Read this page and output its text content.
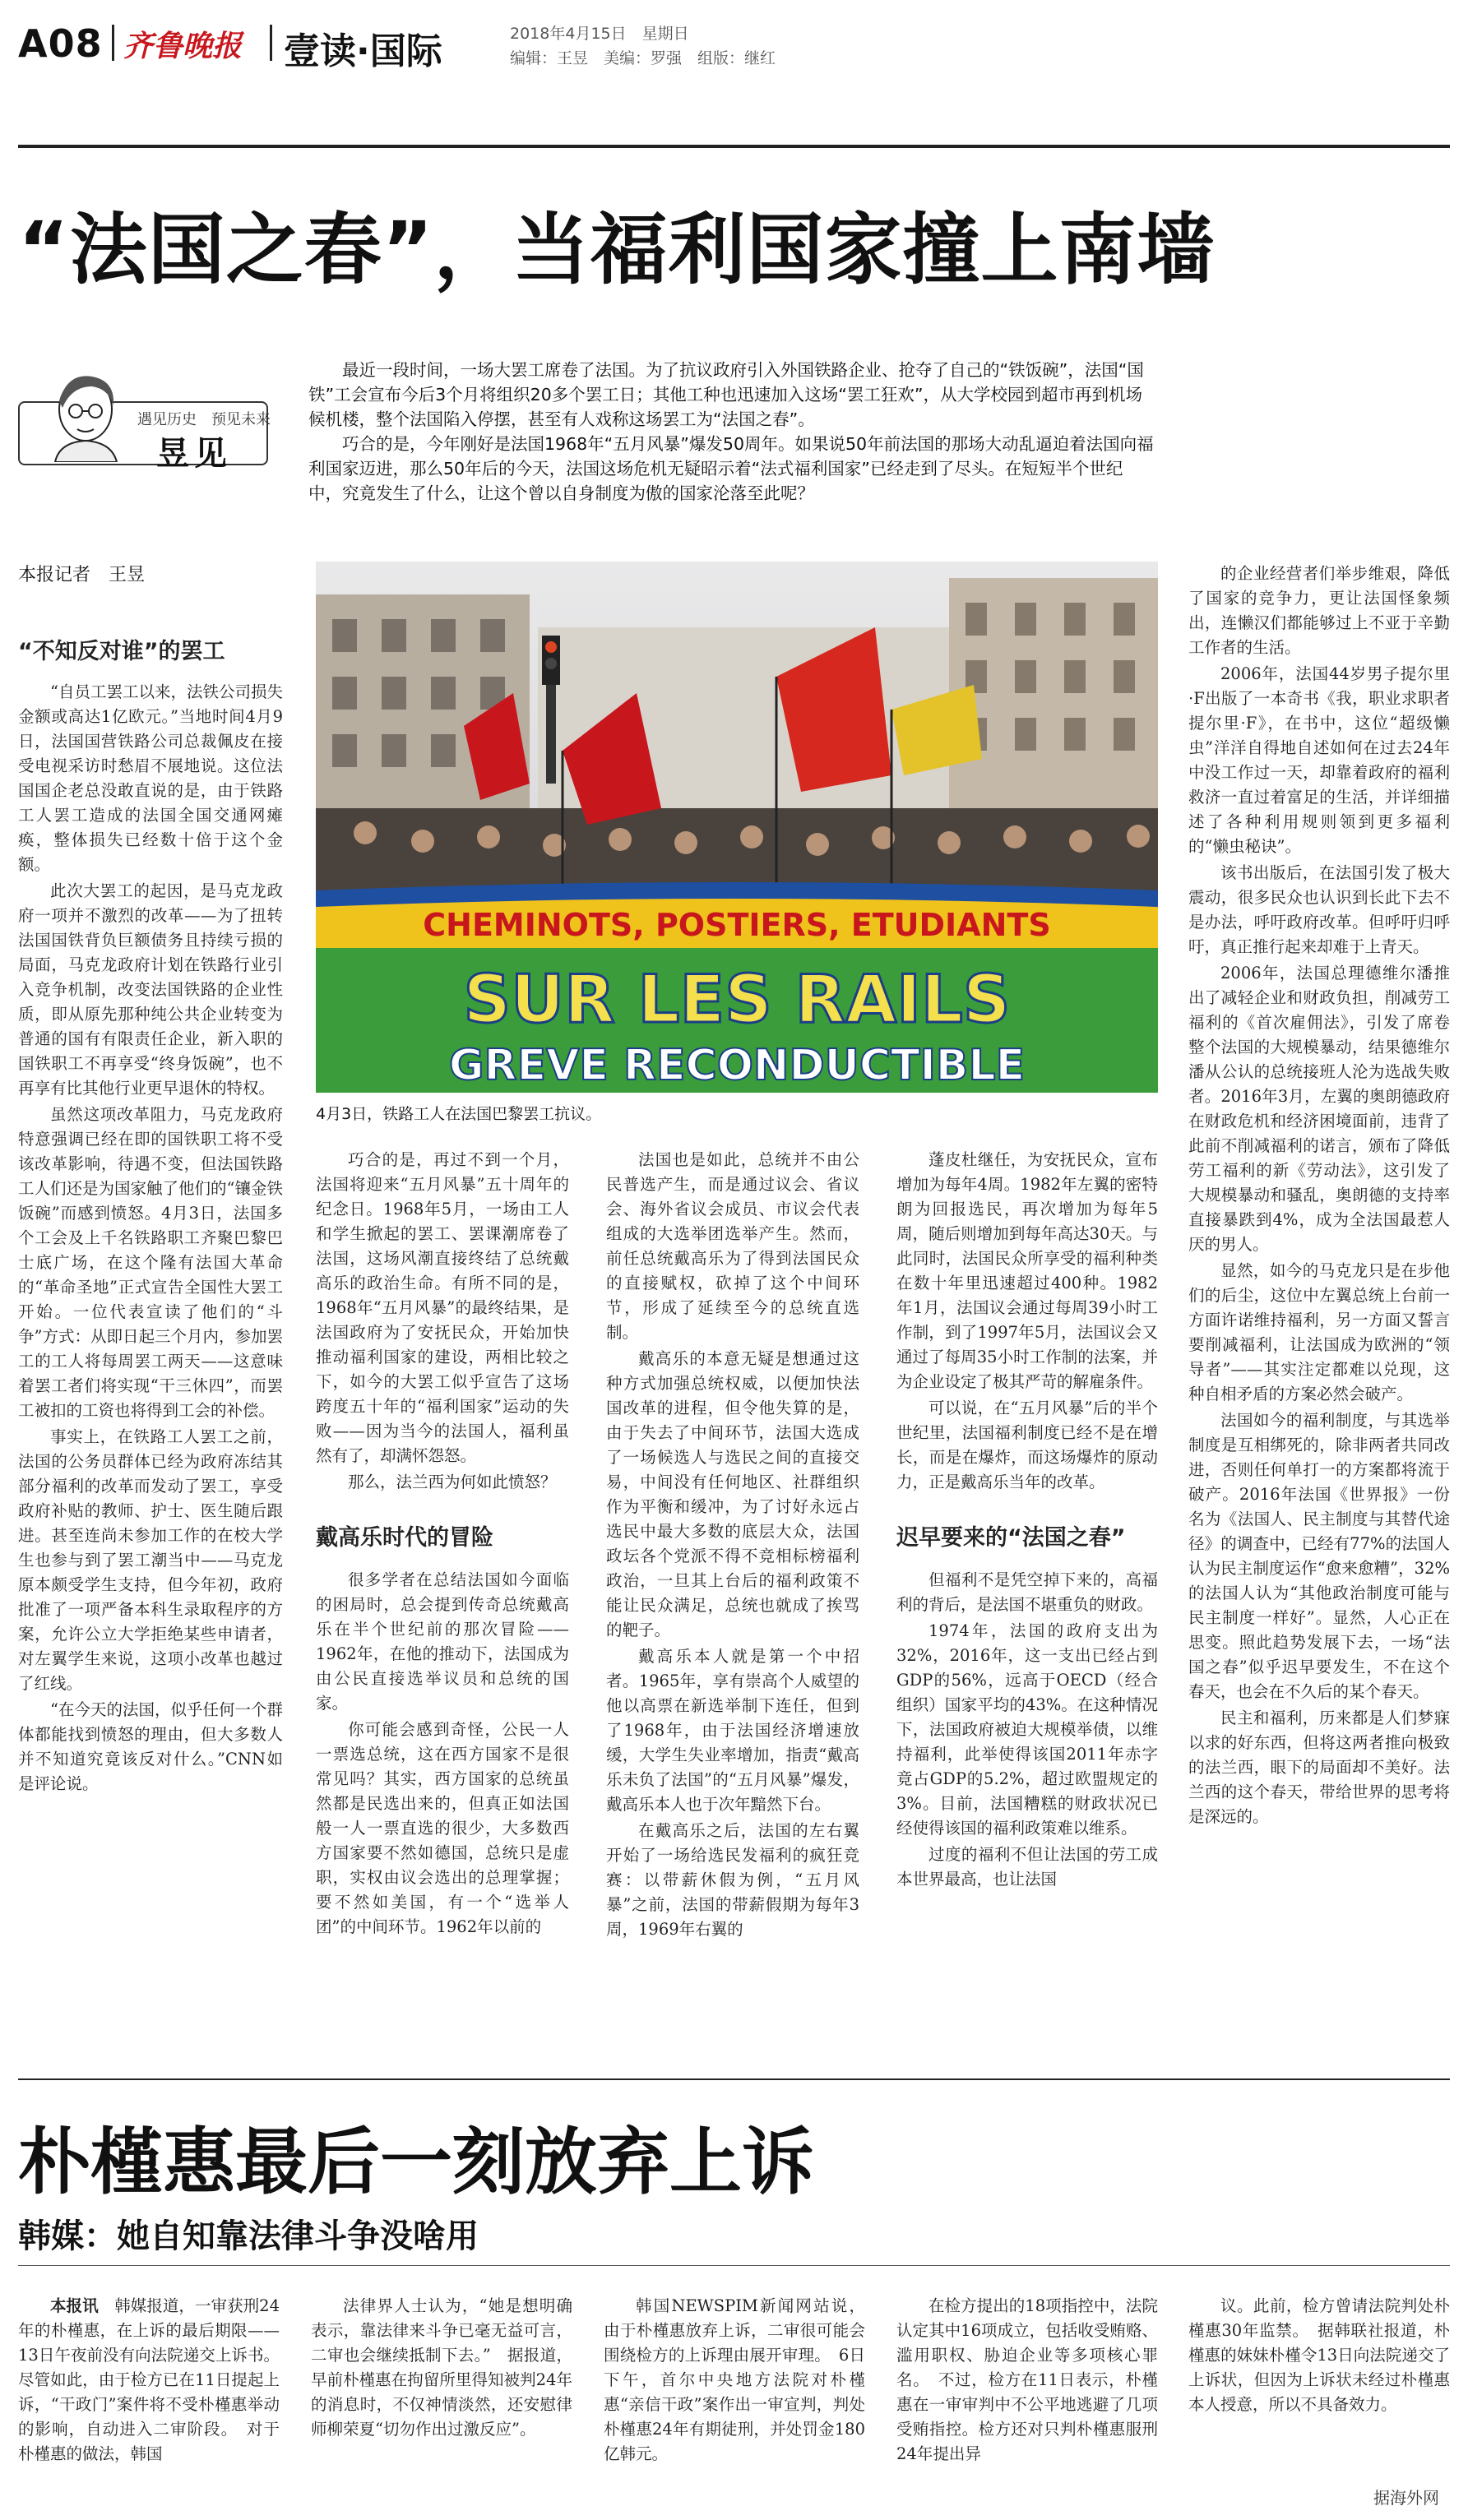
A08 齐鲁晚报 壹读·国际	2018年4月15日　星期日
编辑：王昱　美编：罗强　组版：继红
“法国之春”，当福利国家撞上南墙
遇见历史　预见未来
昱见

最近一段时间，一场大罢工席卷了法国。为了抗议政府引入外国铁路企业、抢夺了自己的“铁饭碗”，法国“国铁”工会宣布今后3个月将组织20多个罢工日；其他工种也迅速加入这场“罢工狂欢”，从大学校园到超市再到机场候机楼，整个法国陷入停摆，甚至有人戏称这场罢工为“法国之春”。

巧合的是，今年刚好是法国1968年“五月风暴”爆发50周年。如果说50年前法国的那场大动乱逼迫着法国向福利国家迈进，那么50年后的今天，法国这场危机无疑昭示着“法式福利国家”已经走到了尽头。在短短半个世纪中，究竟发生了什么，让这个曾以自身制度为傲的国家沦落至此呢？

本报记者　王昱
SUR LES RAILS
GREVE RECONDUCTIBLE
CHEMINOTS, POSTIERS, ETUDIANTS
4月3日，铁路工人在法国巴黎罢工抗议。
“不知反对谁”的罢工

“自员工罢工以来，法铁公司损失金额或高达1亿欧元。”当地时间4月9日，法国国营铁路公司总裁佩皮在接受电视采访时愁眉不展地说。这位法国国企老总没敢直说的是，由于铁路工人罢工造成的法国全国交通网瘫痪，整体损失已经数十倍于这个金额。

此次大罢工的起因，是马克龙政府一项并不激烈的改革——为了扭转法国国铁背负巨额债务且持续亏损的局面，马克龙政府计划在铁路行业引入竞争机制，改变法国铁路的企业性质，即从原先那种纯公共企业转变为普通的国有有限责任企业，新入职的国铁职工不再享受“终身饭碗”，也不再享有比其他行业更早退休的特权。

虽然这项改革阻力，马克龙政府特意强调已经在即的国铁职工将不受该改革影响，待遇不变，但法国铁路工人们还是为国家触了他们的“镶金铁饭碗”而感到愤怒。4月3日，法国多个工会及上千名铁路职工齐聚巴黎巴士底广场，在这个隆有法国大革命的“革命圣地”正式宣告全国性大罢工开始。一位代表宣读了他们的“斗争”方式：从即日起三个月内，参加罢工的工人将每周罢工两天——这意味着罢工者们将实现“干三休四”，而罢工被扣的工资也将得到工会的补偿。

事实上，在铁路工人罢工之前，法国的公务员群体已经为政府冻结其部分福利的改革而发动了罢工，享受政府补贴的教师、护士、医生随后跟进。甚至连尚未参加工作的在校大学生也参与到了罢工潮当中——马克龙原本颇受学生支持，但今年初，政府批准了一项严备本科生录取程序的方案，允许公立大学拒绝某些申请者，对左翼学生来说，这项小改革也越过了红线。

“在今天的法国，似乎任何一个群体都能找到愤怒的理由，但大多数人并不知道究竟该反对什么。”CNN如是评论说。

巧合的是，再过不到一个月，法国将迎来“五月风暴”五十周年的纪念日。1968年5月，一场由工人和学生掀起的罢工、罢课潮席卷了法国，这场风潮直接终结了总统戴高乐的政治生命。有所不同的是，1968年“五月风暴”的最终结果，是法国政府为了安抚民众，开始加快推动福利国家的建设，两相比较之下，如今的大罢工似乎宣告了这场跨度五十年的“福利国家”运动的失败——因为当今的法国人，福利虽然有了，却满怀怨怒。

那么，法兰西为何如此愤怒？

戴高乐时代的冒险

很多学者在总结法国如今面临的困局时，总会提到传奇总统戴高乐在半个世纪前的那次冒险——1962年，在他的推动下，法国成为由公民直接选举议员和总统的国家。

你可能会感到奇怪，公民一人一票选总统，这在西方国家不是很常见吗？其实，西方国家的总统虽然都是民选出来的，但真正如法国般一人一票直选的很少，大多数西方国家要不然如德国，总统只是虚职，实权由议会选出的总理掌握；要不然如美国，有一个“选举人团”的中间环节。1962年以前的

法国也是如此，总统并不由公民普选产生，而是通过议会、省议会、海外省议会成员、市议会代表组成的大选举团选举产生。然而，前任总统戴高乐为了得到法国民众的直接赋权，砍掉了这个中间环节，形成了延续至今的总统直选制。

戴高乐的本意无疑是想通过这种方式加强总统权威，以便加快法国改革的进程，但令他失算的是，由于失去了中间环节，法国大选成了一场候选人与选民之间的直接交易，中间没有任何地区、社群组织作为平衡和缓冲，为了讨好永远占选民中最大多数的底层大众，法国政坛各个党派不得不竞相标榜福利政治，一旦其上台后的福利政策不能让民众满足，总统也就成了挨骂的靶子。

戴高乐本人就是第一个中招者。1965年，享有崇高个人威望的他以高票在新选举制下连任，但到了1968年，由于法国经济增速放缓，大学生失业率增加，指责“戴高乐未负了法国”的“五月风暴”爆发，戴高乐本人也于次年黯然下台。

在戴高乐之后，法国的左右翼开始了一场给选民发福利的疯狂竞赛：以带薪休假为例，“五月风暴”之前，法国的带薪假期为每年3周，1969年右翼的

蓬皮杜继任，为安抚民众，宣布增加为每年4周。1982年左翼的密特朗为回报选民，再次增加为每年5周，随后则增加到每年高达30天。与此同时，法国民众所享受的福利种类在数十年里迅速超过400种。1982年1月，法国议会通过每周39小时工作制，到了1997年5月，法国议会又通过了每周35小时工作制的法案，并为企业设定了极其严苛的解雇条件。

可以说，在“五月风暴”后的半个世纪里，法国福利制度已经不是在增长，而是在爆炸，而这场爆炸的原动力，正是戴高乐当年的改革。

迟早要来的“法国之春”

但福利不是凭空掉下来的，高福利的背后，是法国不堪重负的财政。

1974年，法国的政府支出为32%，2016年，这一支出已经占到GDP的56%，远高于OECD（经合组织）国家平均的43%。在这种情况下，法国政府被迫大规模举债，以维持福利，此举使得该国2011年赤字竟占GDP的5.2%，超过欧盟规定的3%。目前，法国糟糕的财政状况已经使得该国的福利政策难以维系。

过度的福利不但让法国的劳工成本世界最高，也让法国

的企业经营者们举步维艰，降低了国家的竞争力，更让法国怪象频出，连懒汉们都能够过上不亚于辛勤工作者的生活。

2006年，法国44岁男子提尔里·F出版了一本奇书《我，职业求职者提尔里·F》，在书中，这位“超级懒虫”洋洋自得地自述如何在过去24年中没工作过一天，却靠着政府的福利救济一直过着富足的生活，并详细描述了各种利用规则领到更多福利的“懒虫秘诀”。

该书出版后，在法国引发了极大震动，很多民众也认识到长此下去不是办法，呼吁政府改革。但呼吁归呼吁，真正推行起来却难于上青天。

2006年，法国总理德维尔潘推出了减轻企业和财政负担，削减劳工福利的《首次雇佣法》，引发了席卷整个法国的大规模暴动，结果德维尔潘从公认的总统接班人沦为选战失败者。2016年3月，左翼的奥朗德政府在财政危机和经济困境面前，违背了此前不削减福利的诺言，颁布了降低劳工福利的新《劳动法》，这引发了大规模暴动和骚乱，奥朗德的支持率直接暴跌到4%，成为全法国最惹人厌的男人。

显然，如今的马克龙只是在步他们的后尘，这位中左翼总统上台前一方面许诺维持福利，另一方面又誓言要削减福利，让法国成为欧洲的“领导者”——其实注定都难以兑现，这种自相矛盾的方案必然会破产。

法国如今的福利制度，与其选举制度是互相绑死的，除非两者共同改进，否则任何单打一的方案都将流于破产。2016年法国《世界报》一份名为《法国人、民主制度与其替代途径》的调查中，已经有77%的法国人认为民主制度运作“愈来愈糟”，32%的法国人认为“其他政治制度可能与民主制度一样好”。显然，人心正在思变。照此趋势发展下去，一场“法国之春”似乎迟早要发生，不在这个春天，也会在不久后的某个春天。

民主和福利，历来都是人们梦寐以求的好东西，但将这两者推向极致的法兰西，眼下的局面却不美好。法兰西的这个春天，带给世界的思考将是深远的。

朴槿惠最后一刻放弃上诉
韩媒：她自知靠法律斗争没啥用

本报讯　 韩媒报道，一审获刑24年的朴槿惠，在上诉的最后期限——13日午夜前没有向法院递交上诉书。尽管如此，由于检方已在11日提起上诉，“干政门”案件将不受朴槿惠举动的影响，自动进入二审阶段。　对于朴槿惠的做法，韩国

法律界人士认为，“她是想明确表示，靠法律来斗争已毫无益可言，二审也会继续抵制下去。”　据报道，早前朴槿惠在拘留所里得知被判24年的消息时，不仅神情淡然，还安慰律师柳荣夏“切勿作出过激反应”。

韩国NEWSPIM新闻网站说，由于朴槿惠放弃上诉，二审很可能会围绕检方的上诉理由展开审理。　6日下午，首尔中央地方法院对朴槿惠“亲信干政”案作出一审宣判，判处朴槿惠24年有期徒刑，并处罚金180亿韩元。

在检方提出的18项指控中，法院认定其中16项成立，包括收受贿赂、滥用职权、胁迫企业等多项核心罪名。　不过，检方在11日表示，朴槿惠在一审审判中不公平地逃避了几项受贿指控。检方还对只判朴槿惠服刑24年提出异

议。此前，检方曾请法院判处朴槿惠30年监禁。　据韩联社报道，朴槿惠的妹妹朴槿令13日向法院递交了上诉状，但因为上诉状未经过朴槿惠本人授意，所以不具备效力。

据海外网
